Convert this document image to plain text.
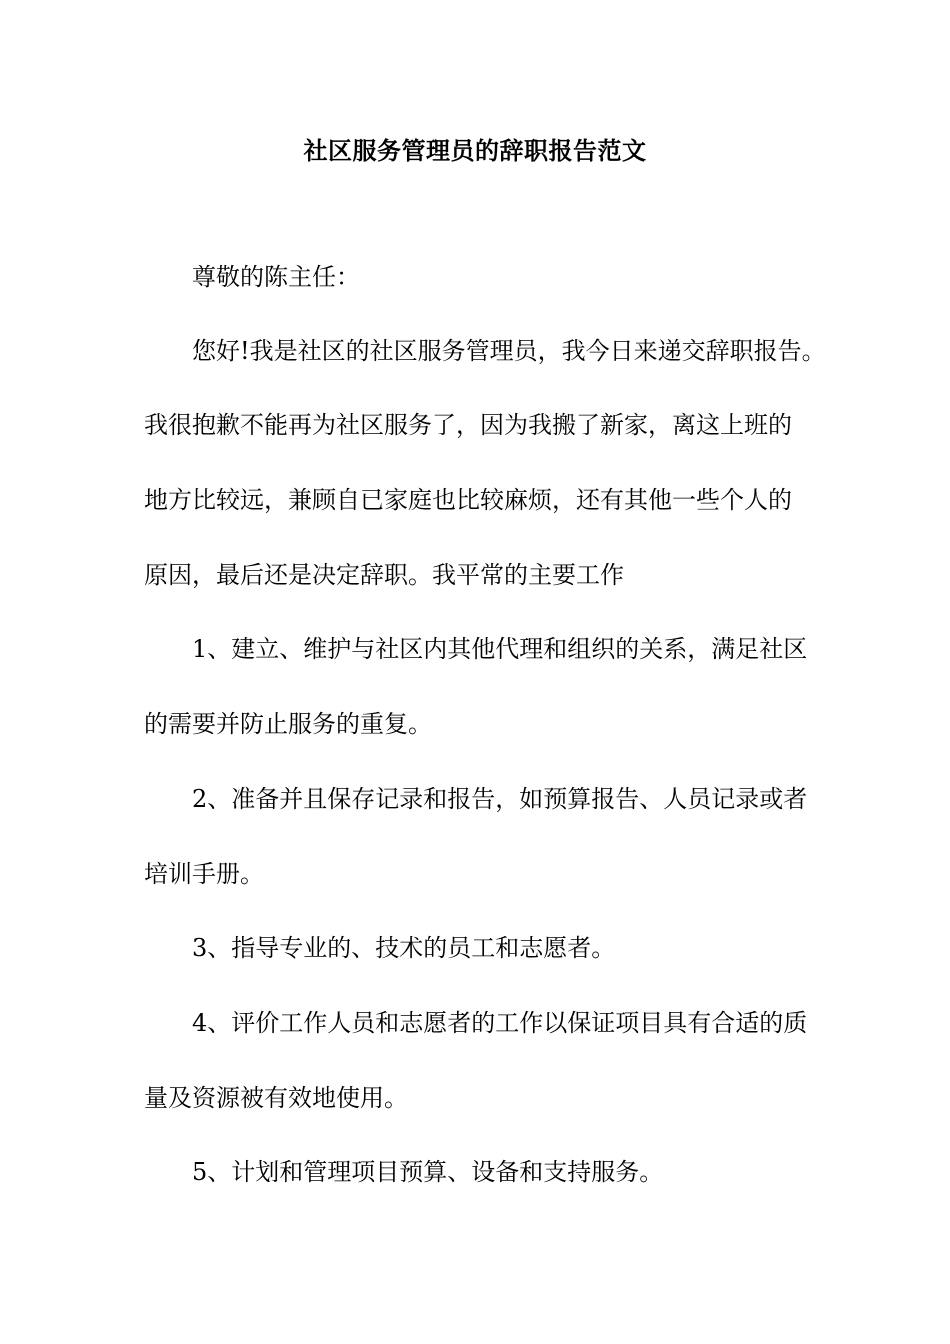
社区服务管理员的辞职报告范文
尊敬的陈主任：
您好!我是社区的社区服务管理员，我今日来递交辞职报告。
我很抱歉不能再为社区服务了，因为我搬了新家，离这上班的
地方比较远，兼顾自已家庭也比较麻烦，还有其他一些个人的
原因，最后还是决定辞职。我平常的主要工作
1、建立、维护与社区内其他代理和组织的关系，满足社区
的需要并防止服务的重复。
2、准备并且保存记录和报告，如预算报告、人员记录或者
培训手册。
3、指导专业的、技术的员工和志愿者。
4、评价工作人员和志愿者的工作以保证项目具有合适的质
量及资源被有效地使用。
5、计划和管理项目预算、设备和支持服务。
